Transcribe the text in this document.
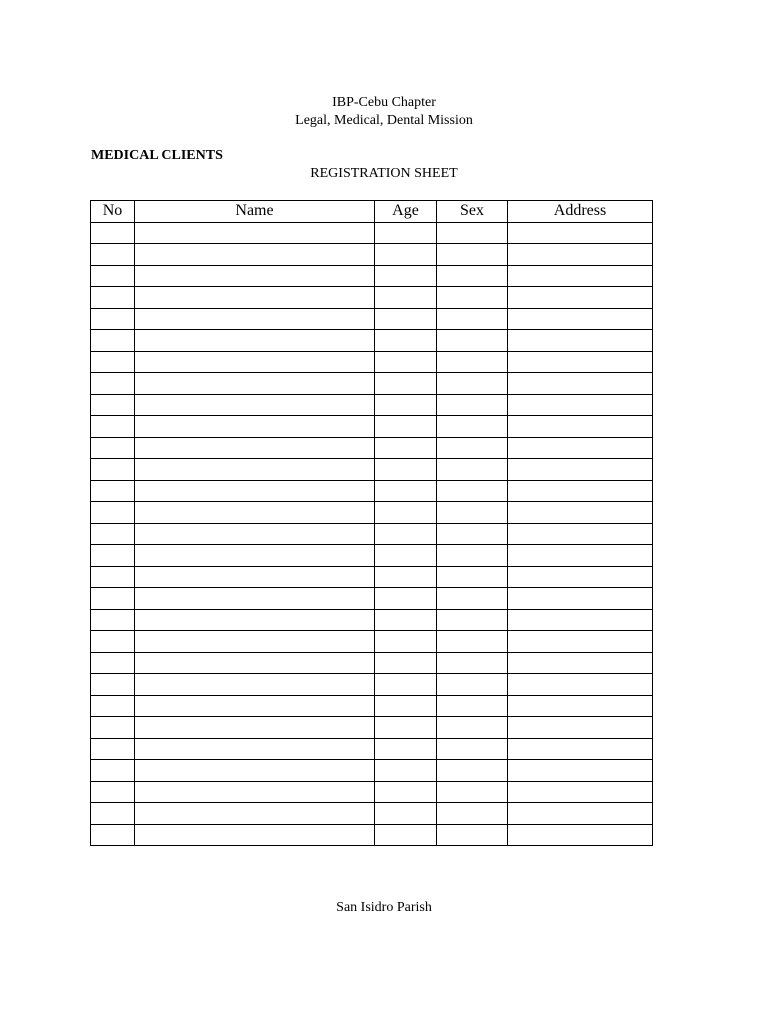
IBP-Cebu Chapter
Legal, Medical, Dental Mission
MEDICAL CLIENTS
REGISTRATION SHEET
No	Name	Age	Sex	Address

San Isidro Parish
